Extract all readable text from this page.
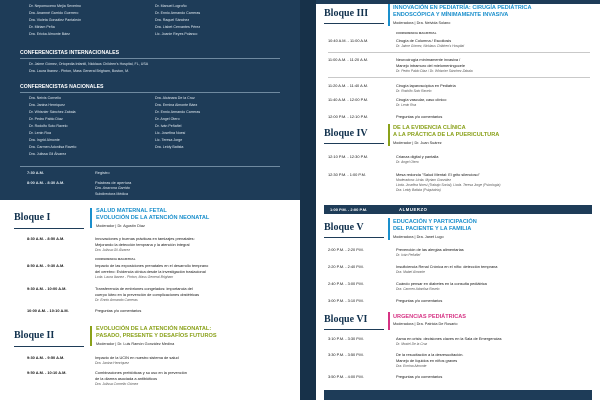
Dr. Nepomuceno Mejía Severino
Dra. Anamné Garrido Guerrero
Dra. Violeta González Pantaleón
Dr. Miriam Peña
Dra. Ericka Almonte Báez
Dr. Manuel Logroño
Dr. Ennio Armando Carreras
Dra. Raquel Sánchez
Dra. Lisbet Cervantes Pérez
Lic. Joanie Reyes Polanco
CONFERENCISTAS INTERNACIONALES
Dr. Jaime Gómez, Ortopedia Infantil, Nicklaus Children's Hospital, FL, USA
Dra. Laura Ibanez - Pinton, Mass General Brigham, Boston, M.
CONFERENCISTAS NACIONALES
Dra. Neivis Cornelio
Dra. Janina Henríquez
Dr. Whisnier Sánchez Zabala
Dr. Pedro Pablo Díaz
Dr. Rodolfo Soto Ravelo
Dr. Lenin Roa
Dra. Ingrid Almonte
Dra. Carmen Adonilsa Ravelo
Dra. Julissa Gil Álvarez
Dra. Alcánara De la Cruz
Dra. Ermina Almonte Báez
Dr. Ennio Armando Carreras
Dr. Angel Otero
Dr. Iván Peñafiel
Lic. Josefina Noesí
Lic. Teresa Jorge
Dra. Leidy Batista
7:30 A.M.	Registro
8:00 A.M. - 8:30 A.M.	Palabras de apertura
Dra. Anacona Garrido
Subdirectora Médica
Bloque I
SALUD MATERNAL FETAL
EVOLUCIÓN DE LA ATENCIÓN NEONATAL
Moderador | Dr. Agustín Díaz
8:30 A.M. - 8:50 A.M.	Innovaciones y buenas prácticas en tamizajes prenatales:
Mejorando la detección temprana y la atención integral
Dra. Julissa Gil Álvarez
CONFERENCIA MAGISTRAL
8:50 A.M. - 9:30 A.M.	Impacto de las exposiciones prenatales en el desarrollo temprano
del cerebro: Evidencia clínica desde la investigación traslacional
Lcda. Laura Ibanez - Pinton, Mass General Brigham
9:30 A.M. - 10:00 A.M.	Transferencia de embriones congelados: importancia del
cuerpo lúteo en la prevención de complicaciones obstétricas
Dr. Ennio Armando Carreras
10:00 A.M. - 10:10 A.M.	Preguntas y/o comentarios
Bloque II
EVOLUCIÓN DE LA ATENCIÓN NEONATAL:
PASADO, PRESENTE Y DESAFÍOS FUTUROS
Moderador | Dr. Luis Ramón González Medina
9:30 A.M. - 9:50 A.M.	Impacto de la UCIN en nuestro sistema de salud
Dra. Janina Henríquez
9:50 A.M. - 10:10 A.M.	Combinaciones prebióticas y su uso en la prevención
de la diarrea asociada a antibióticos
Dra. Julissa Cornelio Gómez
Bloque III	INNOVACIÓN EN PEDIATRÍA: CIRUGÍA PEDIÁTRICA
ENDOSCÓPICA Y MÍNIMAMENTE INVASIVA
Moderadora | Dra. Neivida Solano
CONFERENCIA MAGISTRAL
10:40 A.M. - 11:00 A.M.	Cirugía de Columna / Escoliosis
Dr. Jaime Gómez, Nicklaus Children's Hospital
11:00 A.M. - 11:20 A.M.	Neurocirugía mínimamente invasiva /
Manejo intramuro del mielomeningocele
Dr. Pedro Pablo Díaz / Dr. Whisnier Sánchez Zabala
11:20 A.M. - 11:40 A.M.	Cirugía laparoscópica en Pediatría
Dr. Rodolfo Soto Ravelo
11:40 A.M. - 12:00 P.M.	Cirugía vascular, caso clínico
Dr. Lenin Roa
12:00 P.M. - 12:10 P.M.	Preguntas y/o comentarios
Bloque IV	DE LA EVIDENCIA CLÍNICA
A LA PRÁCTICA DE LA PUERICULTURA
Moderador | Dr. Juan Suárez
12:10 P.M. - 12:30 P.M.	Crianza digital y pantalla
Dr. Angel Otero
12:30 P.M. - 1:00 P.M.	Mesa redonda "Salud Mental: El grito silencioso"
Moderadora: Licda. Myriam González
Licda. Josefina Noesí (Trabajo Social), Licda. Teresa Jorge (Psicología)
Dra. Leidy Batista (Psiquiatría)
1:00 P.M. - 2:00 P.M.	ALMUERZO
Bloque V	EDUCACIÓN Y PARTICIPACIÓN
DEL PACIENTE Y LA FAMILIA
Moderadora | Dra. Janet Lugo
2:00 P.M. - 2:20 P.M.	Prevención de las alergias alimentarias
Dr. Iván Peñafiel
2:20 P.M. - 2:40 P.M.	Insuficiencia Renal Crónica en el niño: detección temprana
Dra. Mabel Almonte
2:40 P.M. - 3:00 P.M.	Cuándo pensar en diabetes en la consulta pediátrica
Dra. Carmen Adonilsa Ravelo
3:00 P.M. - 3:10 P.M.	Preguntas y/o comentarios
Bloque VI	URGENCIAS PEDIÁTRICAS
Moderadora | Dra. Patricia De Rosario
3:10 P.M. - 3:30 P.M.	Asma en crisis: decisiones claves en la Sala de Emergencias
Dr. Mosiel De la Cruz
3:30 P.M. - 3:50 P.M.	De la resucitación a la desresucitación.
Manejo de líquidos en niños graves
Dra. Ermina Almonte
3:50 P.M. - 4:00 P.M.	Preguntas y/o comentarios
